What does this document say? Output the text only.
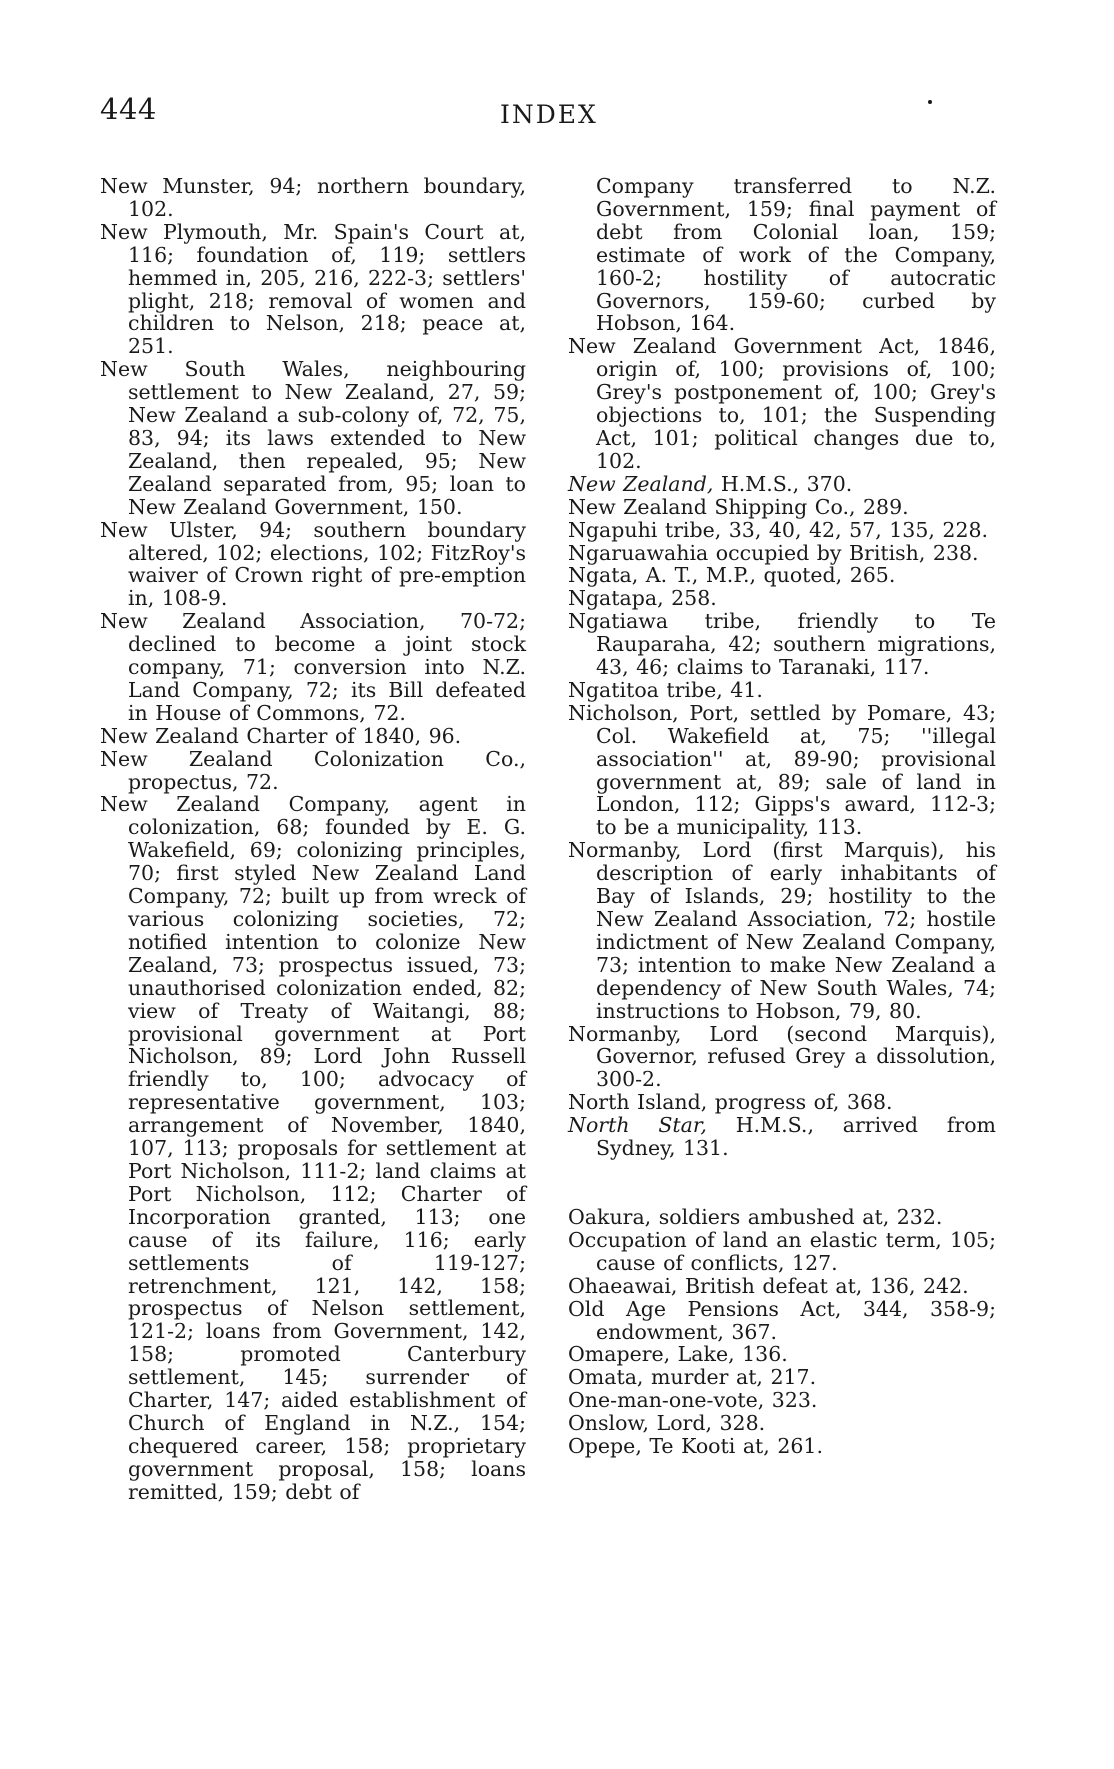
444	INDEX
New Munster, 94; northern boundary, 102.
New Plymouth, Mr. Spain's Court at, 116; foundation of, 119; settlers hemmed in, 205, 216, 222-3; settlers' plight, 218; removal of women and children to Nelson, 218; peace at, 251.
New South Wales, neighbouring settlement to New Zealand, 27, 59; New Zealand a sub-colony of, 72, 75, 83, 94; its laws extended to New Zealand, then repealed, 95; New Zealand separated from, 95; loan to New Zealand Government, 150.
New Ulster, 94; southern boundary altered, 102; elections, 102; FitzRoy's waiver of Crown right of pre-emption in, 108-9.
New Zealand Association, 70-72; declined to become a joint stock company, 71; conversion into N.Z. Land Company, 72; its Bill defeated in House of Commons, 72.
New Zealand Charter of 1840, 96.
New Zealand Colonization Co., propectus, 72.
New Zealand Company, agent in colonization, 68; founded by E. G. Wakefield, 69; colonizing principles, 70; first styled New Zealand Land Company, 72; built up from wreck of various colonizing societies, 72; notified intention to colonize New Zealand, 73; prospectus issued, 73; unauthorised colonization ended, 82; view of Treaty of Waitangi, 88; provisional government at Port Nicholson, 89; Lord John Russell friendly to, 100; advocacy of representative government, 103; arrangement of November, 1840, 107, 113; proposals for settlement at Port Nicholson, 111-2; land claims at Port Nicholson, 112; Charter of Incorporation granted, 113; one cause of its failure, 116; early settlements of 119-127; retrenchment, 121, 142, 158; prospectus of Nelson settlement, 121-2; loans from Government, 142, 158; promoted Canterbury settlement, 145; surrender of Charter, 147; aided establishment of Church of England in N.Z., 154; chequered career, 158; proprietary government proposal, 158; loans remitted, 159; debt of
Company transferred to N.Z. Government, 159; final payment of debt from Colonial loan, 159; estimate of work of the Company, 160-2; hostility of autocratic Governors, 159-60; curbed by Hobson, 164.
New Zealand Government Act, 1846, origin of, 100; provisions of, 100; Grey's postponement of, 100; Grey's objections to, 101; the Suspending Act, 101; political changes due to, 102.
New Zealand, H.M.S., 370.
New Zealand Shipping Co., 289.
Ngapuhi tribe, 33, 40, 42, 57, 135, 228.
Ngaruawahia occupied by British, 238.
Ngata, A. T., M.P., quoted, 265.
Ngatapa, 258.
Ngatiawa tribe, friendly to Te Rauparaha, 42; southern migrations, 43, 46; claims to Taranaki, 117.
Ngatitoa tribe, 41.
Nicholson, Port, settled by Pomare, 43; Col. Wakefield at, 75; ''illegal association'' at, 89-90; provisional government at, 89; sale of land in London, 112; Gipps's award, 112-3; to be a municipality, 113.
Normanby, Lord (first Marquis), his description of early inhabitants of Bay of Islands, 29; hostility to the New Zealand Association, 72; hostile indictment of New Zealand Company, 73; intention to make New Zealand a dependency of New South Wales, 74; instructions to Hobson, 79, 80.
Normanby, Lord (second Marquis), Governor, refused Grey a dissolution, 300-2.
North Island, progress of, 368.
North Star, H.M.S., arrived from Sydney, 131.
Oakura, soldiers ambushed at, 232.
Occupation of land an elastic term, 105; cause of conflicts, 127.
Ohaeawai, British defeat at, 136, 242.
Old Age Pensions Act, 344, 358-9; endowment, 367.
Omapere, Lake, 136.
Omata, murder at, 217.
One-man-one-vote, 323.
Onslow, Lord, 328.
Opepe, Te Kooti at, 261.
